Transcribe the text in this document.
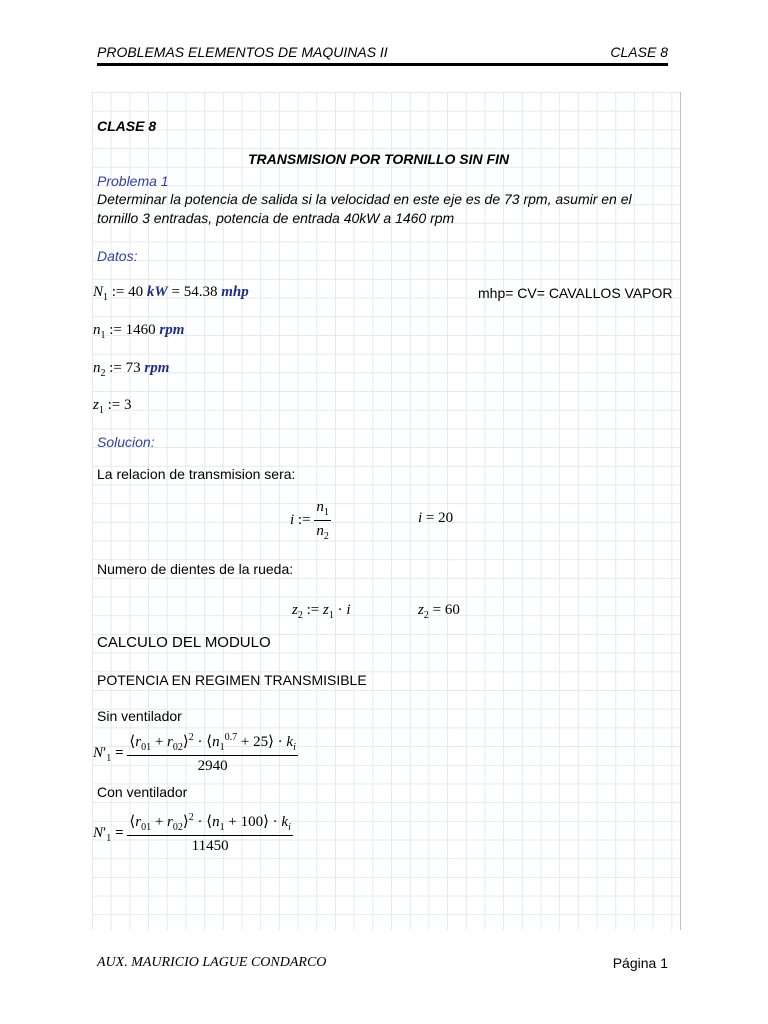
PROBLEMAS ELEMENTOS DE MAQUINAS II	CLASE 8
CLASE 8
TRANSMISION POR TORNILLO SIN FIN
Problema 1
Determinar la potencia de salida si la velocidad en este eje es de 73 rpm, asumir en el
tornillo 3 entradas, potencia de entrada 40kW a 1460 rpm
Datos:
$N_1$ := 40 kW = 54.38 mhp	mhp= CV= CAVALLOS VAPOR
$n_1$ := 1460 rpm
$n_2$ := 73 rpm
$z_1$ := 3
Solucion:
La relacion de transmision sera:
i := $\frac{n_1}{n_2}$	i = 20
Numero de dientes de la rueda:
$z_2$ := $z_1 \cdot i$	$z_2 = 60$
CALCULO DEL MODULO
POTENCIA EN REGIMEN TRANSMISIBLE
Sin ventilador
$N'_1 = \frac{⟨r_{01} + r_{02}⟩^2 \cdot ⟨n_1^{0.7} + 25⟩ \cdot k_i}{2940}$
Con ventilador
$N'_1 = \frac{⟨r_{01} + r_{02}⟩^2 \cdot ⟨n_1 + 100⟩ \cdot k_i}{11450}$
AUX. MAURICIO LAGUE CONDARCO	Página 1
